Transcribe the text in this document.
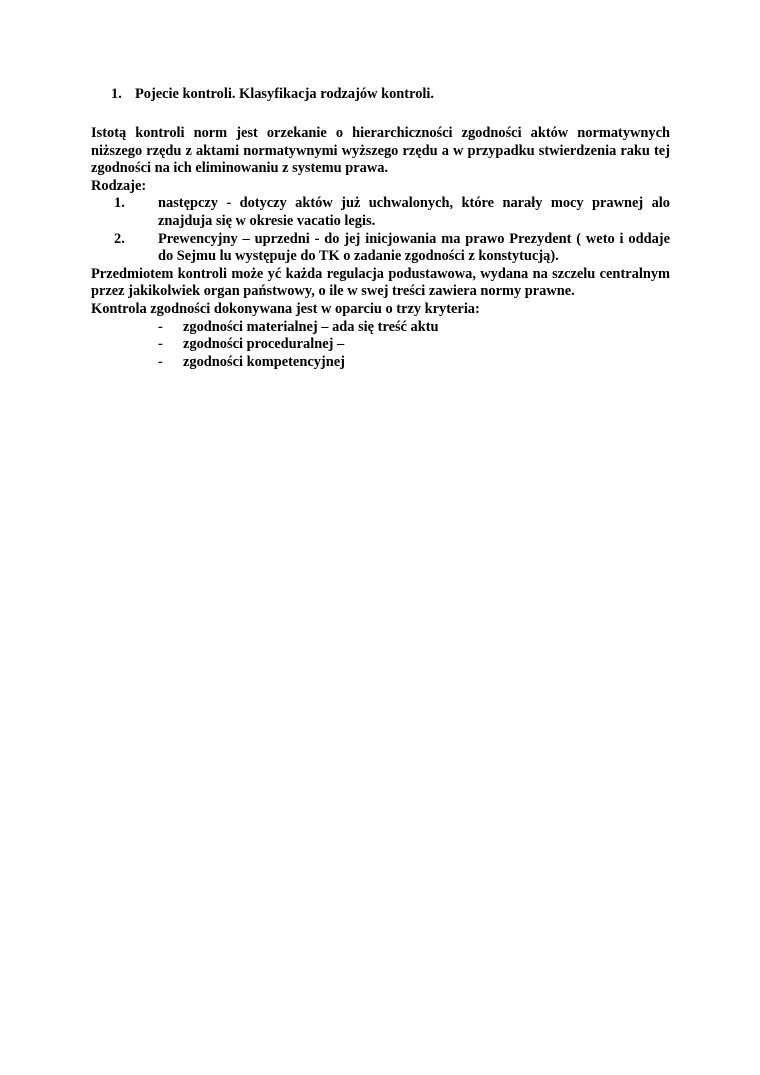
1. Pojecie kontroli. Klasyfikacja rodzajów kontroli.

Istotą kontroli norm jest orzekanie o hierarchiczności zgodności aktów normatywnych niższego rzędu z aktami normatywnymi wyższego rzędu a w przypadku stwierdzenia raku tej zgodności na ich eliminowaniu z systemu prawa.

Rodzaje:

1. następczy - dotyczy aktów już uchwalonych, które narały mocy prawnej alo znajduja się w okresie vacatio legis.
2. Prewencyjny – uprzedni - do jej inicjowania ma prawo Prezydent ( weto i oddaje do Sejmu lu występuje do TK o zadanie zgodności z konstytucją).

Przedmiotem kontroli może yć każda regulacja podustawowa, wydana na szczelu centralnym przez jakikolwiek organ państwowy, o ile w swej treści zawiera normy prawne.

Kontrola zgodności dokonywana jest w oparciu o trzy kryteria:

- zgodności materialnej – ada się treść aktu
- zgodności proceduralnej –
- zgodności kompetencyjnej
